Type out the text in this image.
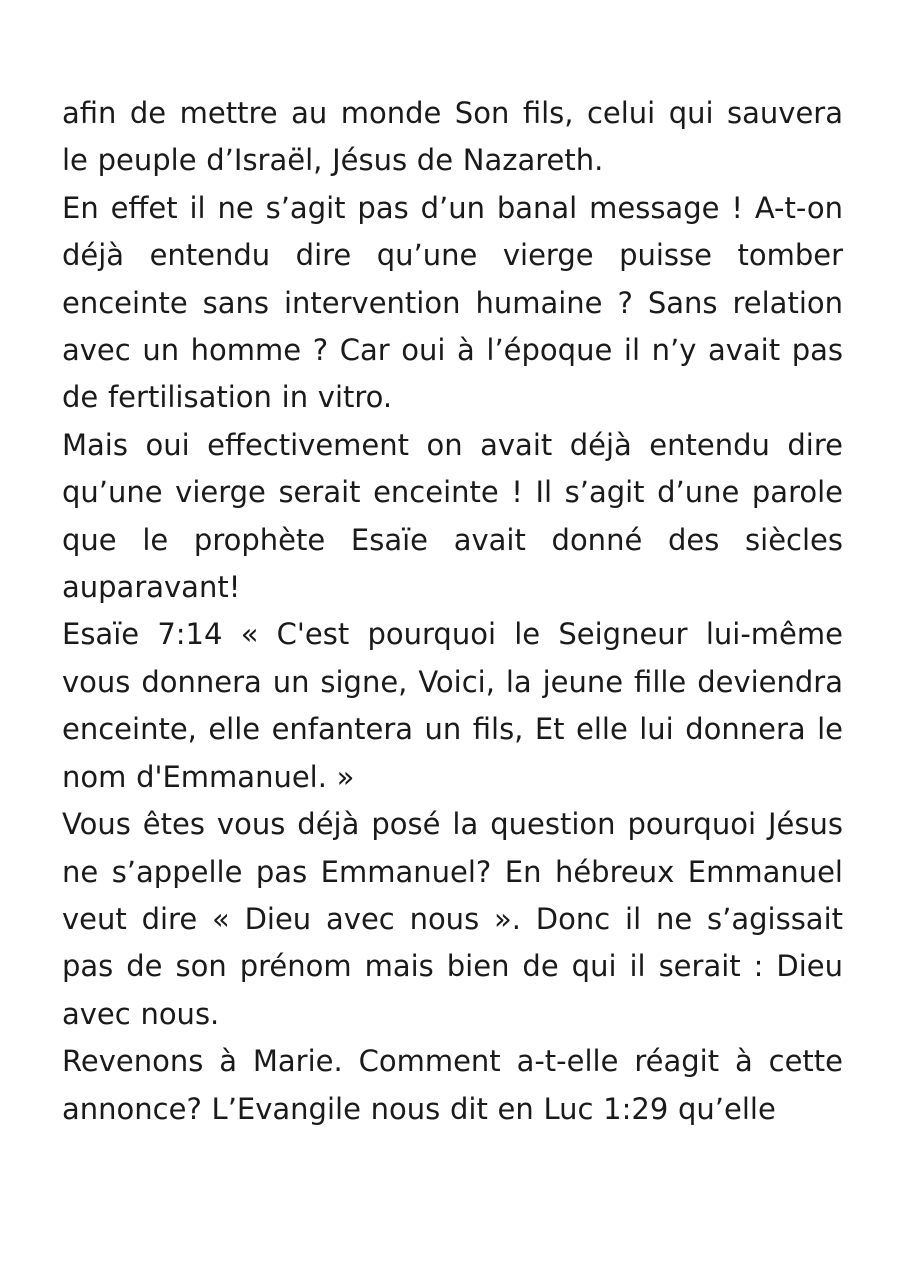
afin de mettre au monde Son fils, celui qui sauvera le peuple d’Israël, Jésus de Nazareth.

En effet il ne s’agit pas d’un banal message ! A-t-on déjà entendu dire qu’une vierge puisse tomber enceinte sans intervention humaine ? Sans relation avec un homme ? Car oui à l’époque il n’y avait pas de fertilisation in vitro.

Mais oui effectivement on avait déjà entendu dire qu’une vierge serait enceinte ! Il s’agit d’une parole que le prophète Esaïe avait donné des siècles auparavant!

Esaïe 7:14 « C'est pourquoi le Seigneur lui-même vous donnera un signe, Voici, la jeune fille deviendra enceinte, elle enfantera un fils, Et elle lui donnera le nom d'Emmanuel. »

Vous êtes vous déjà posé la question pourquoi Jésus ne s’appelle pas Emmanuel? En hébreux Emmanuel veut dire « Dieu avec nous ». Donc il ne s’agissait pas de son prénom mais bien de qui il serait : Dieu avec nous.

Revenons à Marie. Comment a-t-elle réagit à cette annonce? L’Evangile nous dit en Luc 1:29 qu’elle
